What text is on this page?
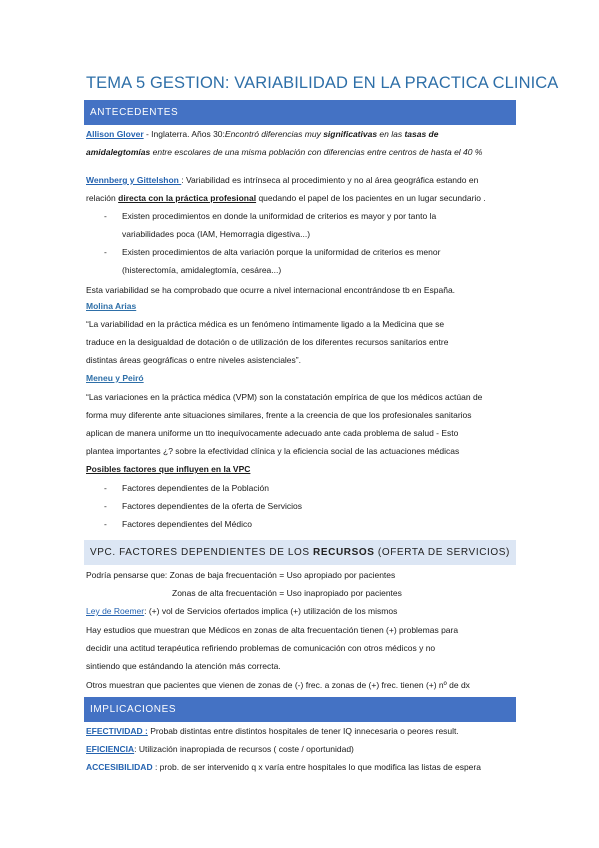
TEMA 5 GESTION: VARIABILIDAD EN LA PRACTICA CLINICA
ANTECEDENTES
Allison Glover - Inglaterra. Años 30:Encontró diferencias muy significativas en las tasas de
amidalegtomías entre escolares de una misma población con diferencias entre centros de hasta el 40 %
Wennberg y Gittelshon : Variabilidad es intrínseca al procedimiento y no al área geográfica estando en
relación directa con la práctica profesional quedando el papel de los pacientes en un lugar secundario .
- Existen procedimientos en donde la uniformidad de criterios es mayor y por tanto la
variabilidades poca (IAM, Hemorragia digestiva...)
- Existen procedimientos de alta variación porque la uniformidad de criterios es menor
(histerectomía, amidalegtomía, cesárea...)
Esta variabilidad se ha comprobado que ocurre a nivel internacional encontrándose tb en España.
Molina Arias
“La variabilidad en la práctica médica es un fenómeno íntimamente ligado a la Medicina que se
traduce en la desigualdad de dotación o de utilización de los diferentes recursos sanitarios entre
distintas áreas geográficas o entre niveles asistenciales”.
Meneu y Peiró
“Las variaciones en la práctica médica (VPM) son la constatación empírica de que los médicos actúan de
forma muy diferente ante situaciones similares, frente a la creencia de que los profesionales sanitarios
aplican de manera uniforme un tto inequívocamente adecuado ante cada problema de salud - Esto
plantea importantes ¿? sobre la efectividad clínica y la eficiencia social de las actuaciones médicas
Posibles factores que influyen en la VPC
- Factores dependientes de la Población
- Factores dependientes de la oferta de Servicios
- Factores dependientes del Médico
VPC. FACTORES DEPENDIENTES DE LOS RECURSOS (OFERTA DE SERVICIOS)
Podría pensarse que: Zonas de baja frecuentación = Uso apropiado por pacientes
Zonas de alta frecuentación = Uso inapropiado por pacientes
Ley de Roemer: (+) vol de Servicios ofertados implica (+) utilización de los mismos
Hay estudios que muestran que Médicos en zonas de alta frecuentación tienen (+) problemas para
decidir una actitud terapéutica refiriendo problemas de comunicación con otros médicos y no
sintiendo que estándando la atención más correcta.
Otros muestran que pacientes que vienen de zonas de (-) frec. a zonas de (+) frec. tienen (+) nº de dx
IMPLICACIONES
EFECTIVIDAD : Probab distintas entre distintos hospitales de tener IQ innecesaria o peores result.
EFICIENCIA: Utilización inapropiada de recursos ( coste / oportunidad)
ACCESIBILIDAD : prob. de ser intervenido q x varía entre hospitales lo que modifica las listas de espera
